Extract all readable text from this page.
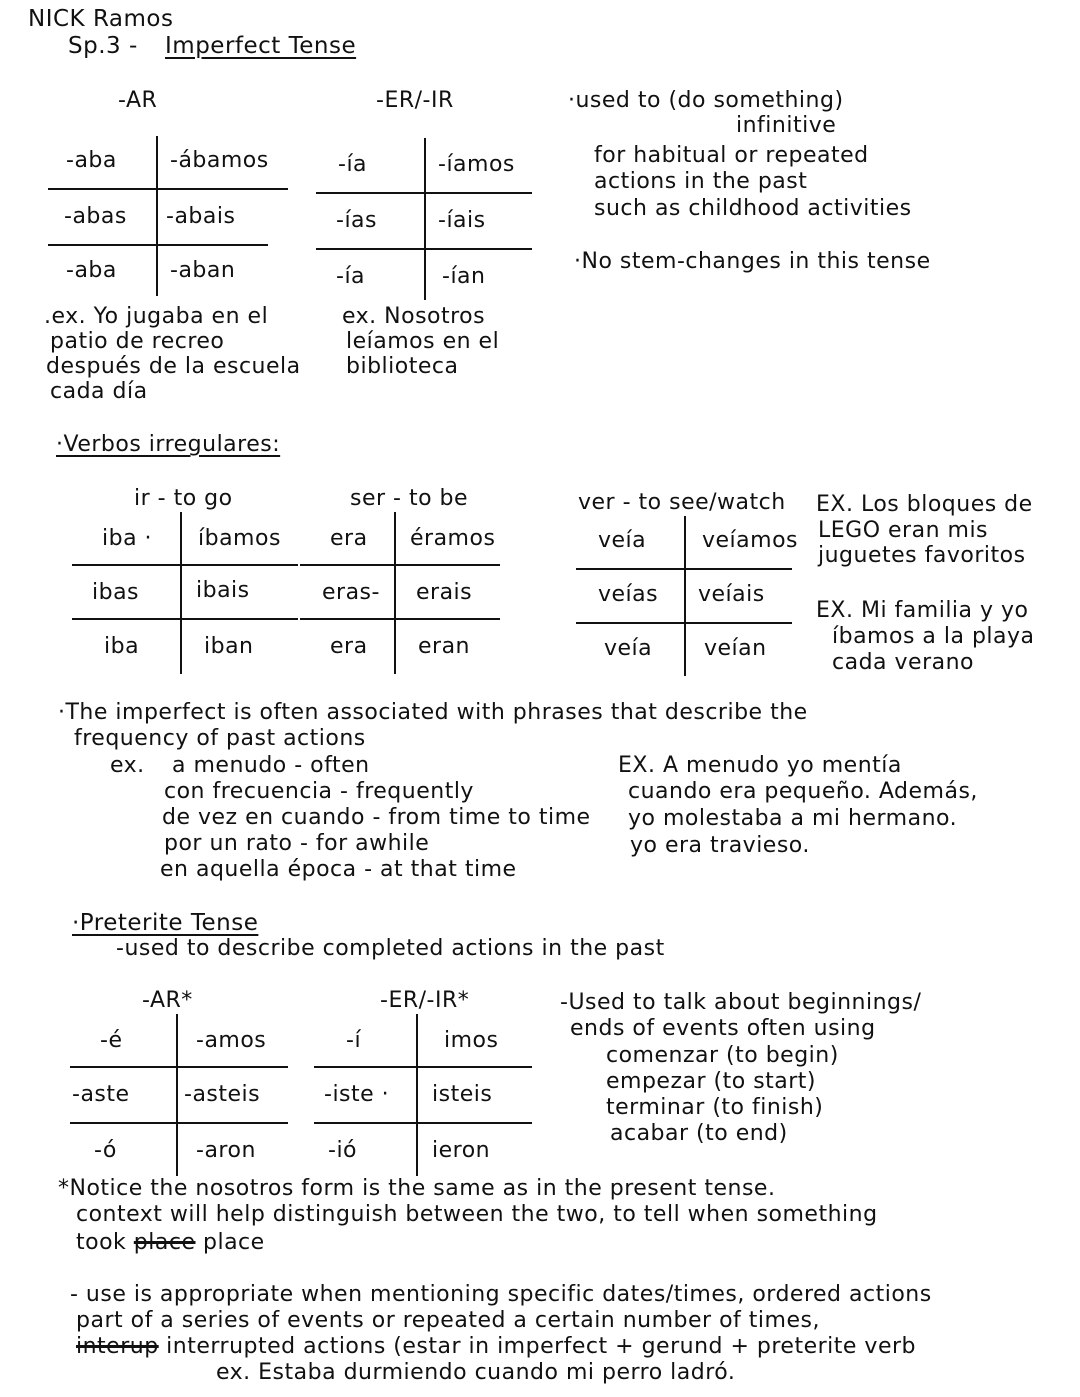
NICK Ramos
Sp.3 - Imperfect Tense
-AR
-aba -ábamos
-abas -abais
-aba -aban
.ex. Yo jugaba en el
patio de recreo
después de la escuela
cada día
-ER/-IR
-ía	-íamos
-ías	-íais
-ía	-ían
ex. Nosotros
leíamos en el
biblioteca
·used to (do something)
infinitive
for habitual or repeated
actions in the past
such as childhood activities
·No stem-changes in this tense
·Verbos irregulares:
ir - to go
iba · íbamos
ibas	ibais
iba	iban
ser - to be
era éramos
eras- erais
era eran
ver - to see/watch
veía	veíamos
veías veíais
veía veían
EX. Los bloques de
LEGO eran mis
juguetes favoritos
EX. Mi familia y yo
íbamos a la playa
cada verano
·The imperfect is often associated with phrases that describe the
frequency of past actions
ex. a menudo - often
con frecuencia - frequently
de vez en cuando - from time to time
por un rato - for awhile
en aquella época - at that time
EX. A menudo yo mentía
cuando era pequeño. Además,
yo molestaba a mi hermano.
yo era travieso.
·Preterite Tense
-used to describe completed actions in the past
-AR*
-é	-amos
-aste -asteis
-ó	-aron
-ER/-IR*
-í	imos
-iste · isteis
-ió	ieron
-Used to talk about beginnings/
ends of events often using
comenzar (to begin)
empezar (to start)
terminar (to finish)
acabar (to end)
*Notice the nosotros form is the same as in the present tense.
context will help distinguish between the two, to tell when something
took place place
- use is appropriate when mentioning specific dates/times, ordered actions
part of a series of events or repeated a certain number of times,
interup interrupted actions (estar in imperfect + gerund + preterite verb
ex. Estaba durmiendo cuando mi perro ladró.
